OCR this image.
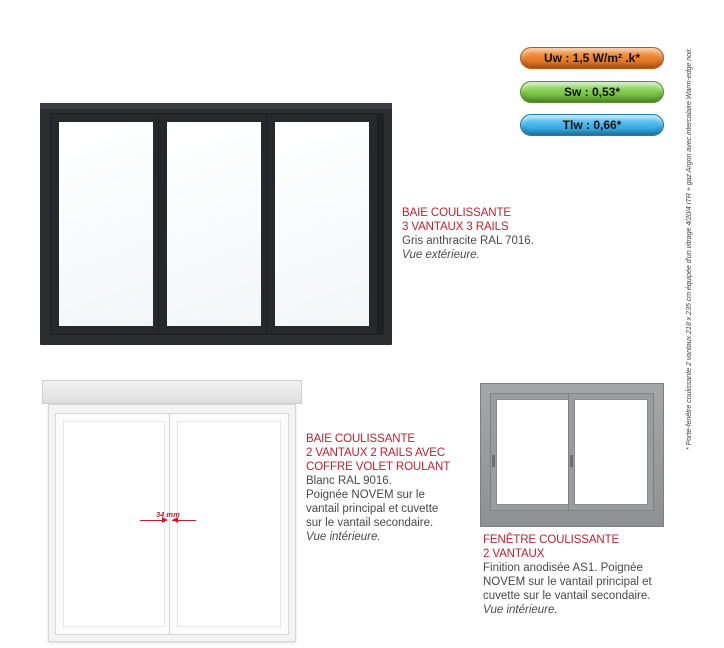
Uw : 1,5 W/m² .k*
Sw : 0,53*
Tlw : 0,66*	* Porte-fenêtre coulissante 2 vantaux 218 x 235 cm équipée d'un vitrage 4/20/4 ITR + gaz Argon avec intercalaire Warm-edge noir.
BAIE COULISSANTE
3 VANTAUX 3 RAILS
Gris anthracite RAL 7016.
Vue extérieure.
34 mm
BAIE COULISSANTE
2 VANTAUX 2 RAILS AVEC
COFFRE VOLET ROULANT
Blanc RAL 9016.
Poignée NOVEM sur le
vantail principal et cuvette
sur le vantail secondaire.
Vue intérieure.	FENÊTRE COULISSANTE
2 VANTAUX
Finition anodisée AS1. Poignée
NOVEM sur le vantail principal et
cuvette sur le vantail secondaire.
Vue intérieure.
